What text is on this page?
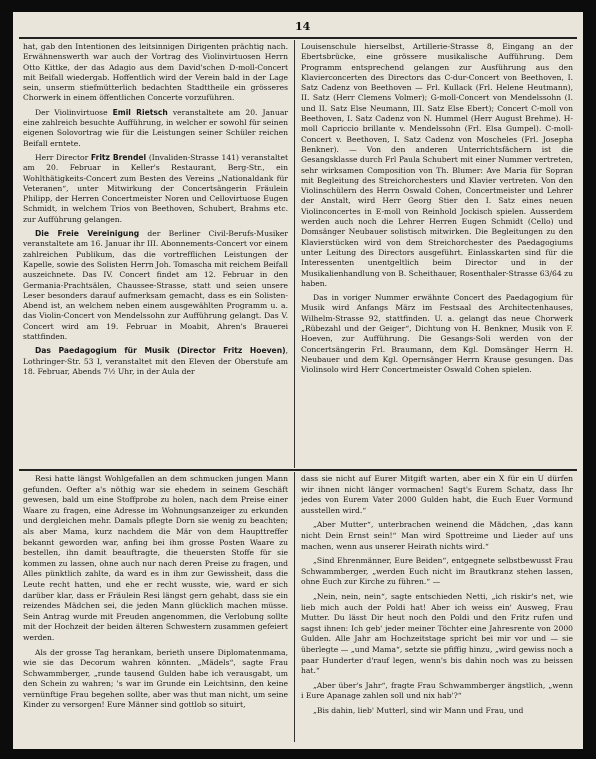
14

hat, gab den Intentionen des leitsinnigen Dirigenten prächtig nach. Erwähnenswerth war auch der Vortrag des Violinvirtuosen Herrn Otto Kittke, der das Adagio aus dem David'schen D-moll-Concert mit Beifall wiedergab. Hoffentlich wird der Verein bald in der Lage sein, unserm stiefmütterlich bedachten Stadttheile ein grösseres Chorwerk in einem öffentlichen Concerte vorzuführen.

Der Violinvirtuose Emil Rietsch veranstaltete am 20. Januar eine zahlreich besuchte Aufführung, in welcher er sowohl für seinen eigenen Solovortrag wie für die Leistungen seiner Schüler reichen Beifall erntete.

Herr Director Fritz Brendel (Invaliden-Strasse 141) veranstaltet am 20. Februar in Keller's Restaurant, Berg-Str., ein Wohlthätigkeits-Concert zum Besten des Vereins „Nationaldank für Veteranen“, unter Mitwirkung der Concertsängerin Fräulein Philipp, der Herren Concertmeister Noren und Cellovirtuose Eugen Schmidt, in welchem Trios von Beethoven, Schubert, Brahms etc. zur Aufführung gelangen.

Die Freie Vereinigung der Berliner Civil-Berufs-Musiker veranstaltete am 16. Januar ihr III. Abonnements-Concert vor einem zahlreichen Publikum, das die vortrefflichen Leistungen der Kapelle, sowie des Solisten Herrn Joh. Tomascha mit reichem Beifall auszeichnete. Das IV. Concert findet am 12. Februar in den Germania-Prachtsälen, Chaussee-Strasse, statt und seien unsere Leser besonders darauf aufmerksam gemacht, dass es ein Solisten-Abend ist, an welchem neben einem ausgewählten Programm u. a. das Violin-Concert von Mendelssohn zur Aufführung gelangt. Das V. Concert wird am 19. Februar in Moabit, Ahren's Brauerei stattfinden.

Das Paedagogium für Musik (Director Fritz Hoeven), Lothringer-Str. 53 I, veranstaltet mit den Eleven der Oberstufe am 18. Februar, Abends 7½ Uhr, in der Aula der

Louisenschule hierselbst, Artillerie-Strasse 8, Eingang an der Ebertsbrücke, eine grössere musikalische Aufführung. Dem Programm entsprechend gelangen zur Ausführung aus den Klavierconcerten des Directors das C-dur-Concert von Beethoven, I. Satz Cadenz von Beethoven — Frl. Kullack (Frl. Helene Heutmann), II. Satz (Herr Clemens Volmer); G-moll-Concert von Mendelssohn (I. und II. Satz Else Neumann, III. Satz Else Ebert); Concert C-moll von Beethoven, I. Satz Cadenz von N. Hummel (Herr August Brehme). H-moll Capriccio brillante v. Mendelssohn (Frl. Elsa Gumpel). C-moll-Concert v. Beethoven, I. Satz Cadenz von Moscheles (Frl. Josepha Benkner). — Von den anderen Unterrichtsfächern ist die Gesangsklasse durch Frl Paula Schubert mit einer Nummer vertreten, sehr wirksamen Composition von Th. Blumer: Ave Maria für Sopran mit Begleitung des Streichorchesters und Klavier vertreten. Von den Violinschülern des Herrn Oswald Cohen, Concertmeister und Lehrer der Anstalt, wird Herr Georg Stier den I. Satz eines neuen Violinconcertes in E-moll von Reinhold Jockisch spielen. Ausserdem werden auch noch die Lehrer Herren Eugen Schmidt (Cello) und Domsänger Neubauer solistisch mitwirken. Die Begleitungen zu den Klavierstücken wird von dem Streichorchester des Paedagogiums unter Leitung des Directors ausgeführt. Einlasskarten sind für die Interessenten unentgeltlich beim Director und in der Musikalienhandlung von B. Scheithauer, Rosenthaler-Strasse 63/64 zu haben.

Das in voriger Nummer erwähnte Concert des Paedagogium für Musik wird Anfangs März im Festsaal des Architectenhauses, Wilhelm-Strasse 92, stattfinden. U. a. gelangt das neue Chorwerk „Rübezahl und der Geiger“, Dichtung von H. Benkner, Musik von F. Hoeven, zur Aufführung. Die Gesangs-Soli werden von der Concertsängerin Frl. Braumann, dem Kgl. Domsänger Herrn H. Neubauer und dem Kgl. Opernsänger Herrn Krause gesungen. Das Violinsolo wird Herr Concertmeister Oswald Cohen spielen.

Resi hatte längst Wohlgefallen an dem schmucken jungen Mann gefunden. Oefter a's nöthig war sie ehedem in seinem Geschäft gewesen, bald um eine Stoffprobe zu holen, nach dem Preise einer Waare zu fragen, eine Adresse im Wohnungsanzeiger zu erkunden und dergleichen mehr. Damals pflegte Dorn sie wenig zu beachten; als aber Mama, kurz nachdem die Mär von dem Haupttreffer bekannt geworden war, anfing bei ihm grosse Posten Waare zu bestellen, ihn damit beauftragte, die theuersten Stoffe für sie kommen zu lassen, ohne auch nur nach deren Preise zu fragen, und Alles pünktlich zahlte, da ward es in ihm zur Gewissheit, dass die Leute recht hatten, und ehe er recht wusste, wie, ward er sich darüber klar, dass er Fräulein Resi längst gern gehabt, dass sie ein reizendes Mädchen sei, die jeden Mann glücklich machen müsse. Sein Antrag wurde mit Freuden angenommen, die Verlobung sollte mit der Hochzeit der beiden älteren Schwestern zusammen gefeiert werden.

Als der grosse Tag herankam, berieth unsere Diplomatenmama, wie sie das Decorum wahren könnten. „Mädels“, sagte Frau Schwammberger, „runde tausend Gulden habe ich verausgabt, um den Schein zu wahren; 's war im Grunde ein Leichtsinn, den keine vernünftige Frau begehen sollte, aber was thut man nicht, um seine Kinder zu versorgen! Eure Männer sind gottlob so situirt,

dass sie nicht auf Eurer Mitgift warten, aber ein X für ein U dürfen wir ihnen nicht länger vormachen! Sagt's Eurem Schatz, dass Ihr jedes von Eurem Vater 2000 Gulden habt, die Euch Euer Vormund ausstellen wird.“

„Aber Mutter“, unterbrachen weinend die Mädchen, „das kann nicht Dein Ernst sein!“ Man wird Spottreime und Lieder auf uns machen, wenn aus unserer Heirath nichts wird.“

„Sind Ehrenmänner, Eure Beiden“, entgegnete selbstbewusst Frau Schwammberger, „werden Euch nicht im Brautkranz stehen lassen, ohne Euch zur Kirche zu führen.“ —

„Nein, nein, nein“, sagte entschieden Netti, „ich riskir's net, wie lieb mich auch der Poldi hat! Aber ich weiss ein' Ausweg, Frau Mutter. Du lässt Dir heut noch den Poldi und den Fritz rufen und sagst ihnen: Ich geb' jeder meiner Töchter eine Jahresrente von 2000 Gulden. Alle Jahr am Hochzeitstage spricht bei mir vor und — sie überlegte — „und Mama“, setzte sie pfiffig hinzu, „wird gewiss noch a paar Hunderter d'rauf legen, wenn's bis dahin noch was zu beissen hat.“

„Aber über's Jahr“, fragte Frau Schwammberger ängstlich, „wenn i Eure Apanage zahlen soll und nix hab'?“

„Bis dahin, lieb' Mutterl, sind wir Mann und Frau, und
